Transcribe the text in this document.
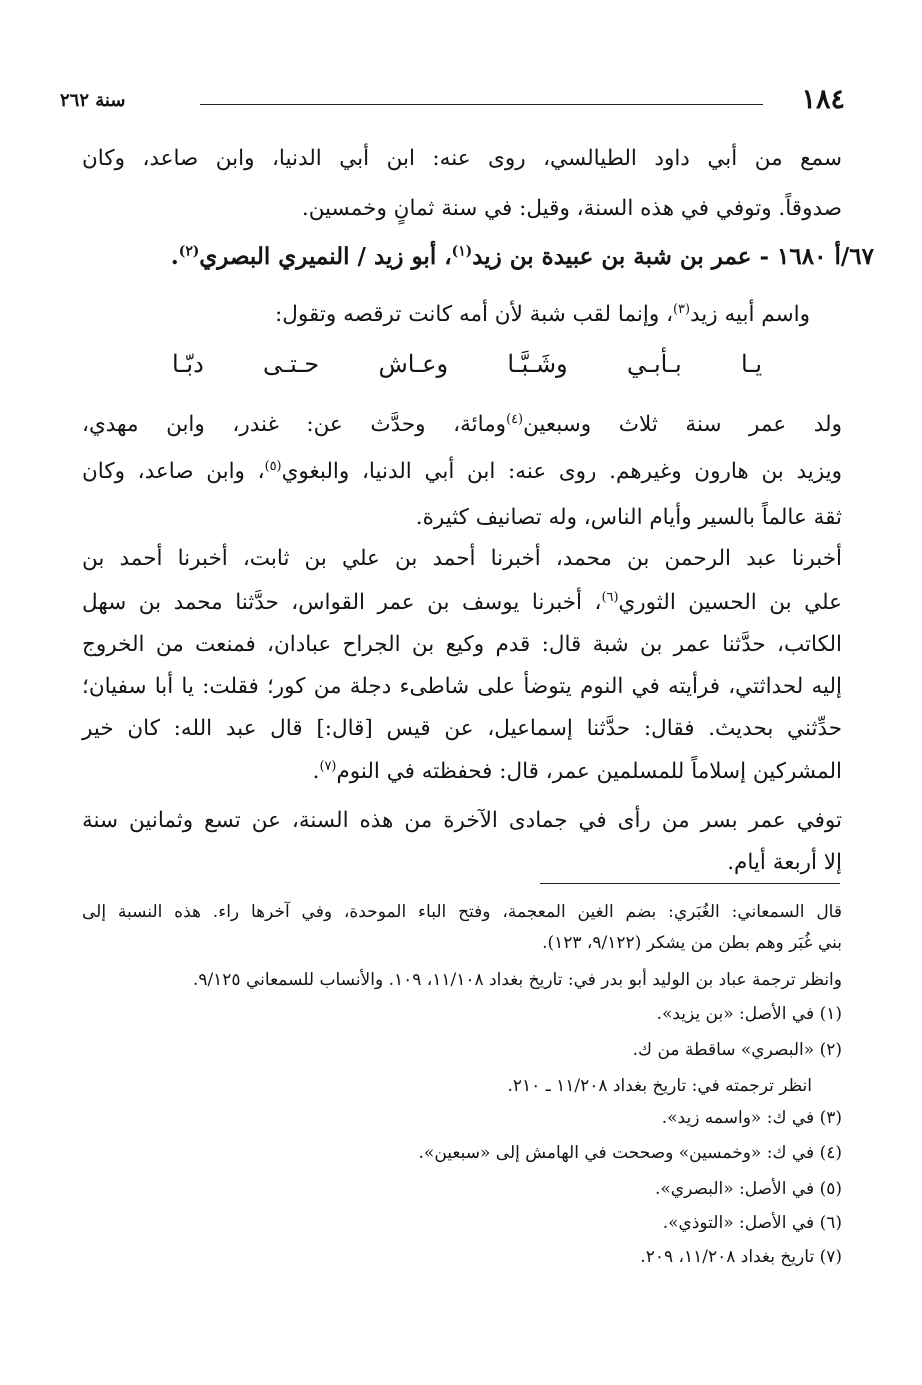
١٨٤
سنة ٢٦٢
سمع من أبي داود الطيالسي، روى عنه: ابن أبي الدنيا، وابن صاعد، وكان
صدوقاً. وتوفي في هذه السنة، وقيل: في سنة ثمانٍ وخمسين.
٦٧/أ ١٦٨٠ - عمر بن شبة بن عبيدة بن زيد$^{(١)}$، أبو زيد / النميري البصري$^{(٢)}$.
واسم أبيه زيد$^{(٣)}$، وإنما لقب شبة لأن أمه كانت ترقصه وتقول:
يـا
بـأبـي
وشَـبَّـا
وعـاش
حـتـى
دبّـا
ولد عمر سنة ثلاث وسبعين$^{(٤)}$ومائة، وحدَّث عن: غندر، وابن مهدي،
ويزيد بن هارون وغيرهم. روى عنه: ابن أبي الدنيا، والبغوي$^{(٥)}$، وابن صاعد، وكان
ثقة عالماً بالسير وأيام الناس، وله تصانيف كثيرة.
أخبرنا عبد الرحمن بن محمد، أخبرنا أحمد بن علي بن ثابت، أخبرنا أحمد بن
علي بن الحسين الثوري$^{(٦)}$، أخبرنا يوسف بن عمر القواس، حدَّثنا محمد بن سهل
الكاتب، حدَّثنا عمر بن شبة قال: قدم وكيع بن الجراح عبادان، فمنعت من الخروج
إليه لحداثتي، فرأيته في النوم يتوضأ على شاطىء دجلة من كور؛ فقلت: يا أبا سفيان؛
حدِّثني بحديث. فقال: حدَّثنا إسماعيل، عن قيس [قال:] قال عبد الله: كان خير
المشركين إسلاماً للمسلمين عمر، قال: فحفظته في النوم$^{(٧)}$.
توفي عمر بسر من رأى في جمادى الآخرة من هذه السنة، عن تسع وثمانين سنة
إلا أربعة أيام.
قال السمعاني: الغُبَري: بضم الغين المعجمة، وفتح الباء الموحدة، وفي آخرها راء. هذه النسبة إلى
بني غُبَر وهم بطن من يشكر (٩/١٢٢، ١٢٣).
وانظر ترجمة عباد بن الوليد أبو بدر في: تاريخ بغداد ١١/١٠٨، ١٠٩. والأنساب للسمعاني ٩/١٢٥.
(١) في الأصل: «بن يزيد».
(٢) «البصري» ساقطة من ك.
انظر ترجمته في: تاريخ بغداد ١١/٢٠٨ ـ ٢١٠.
(٣) في ك: «واسمه زيد».
(٤) في ك: «وخمسين» وصححت في الهامش إلى «سبعين».
(٥) في الأصل: «البصري».
(٦) في الأصل: «التوذي».
(٧) تاريخ بغداد ١١/٢٠٨، ٢٠٩.
